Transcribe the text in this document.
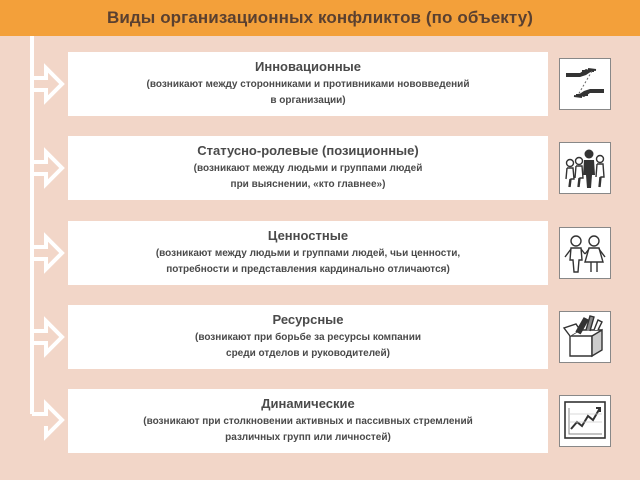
Виды организационных конфликтов (по объекту)
Инновационные
(возникают между сторонниками и противниками нововведений
в организации)
Статусно-ролевые (позиционные)
(возникают между людьми и группами людей
при выяснении, «кто главнее»)
Ценностные
(возникают между людьми и группами людей, чьи ценности,
потребности и представления кардинально отличаются)
Ресурсные
(возникают при борьбе за ресурсы компании
среди отделов и руководителей)
Динамические
(возникают при столкновении активных и пассивных стремлений
различных групп или личностей)
